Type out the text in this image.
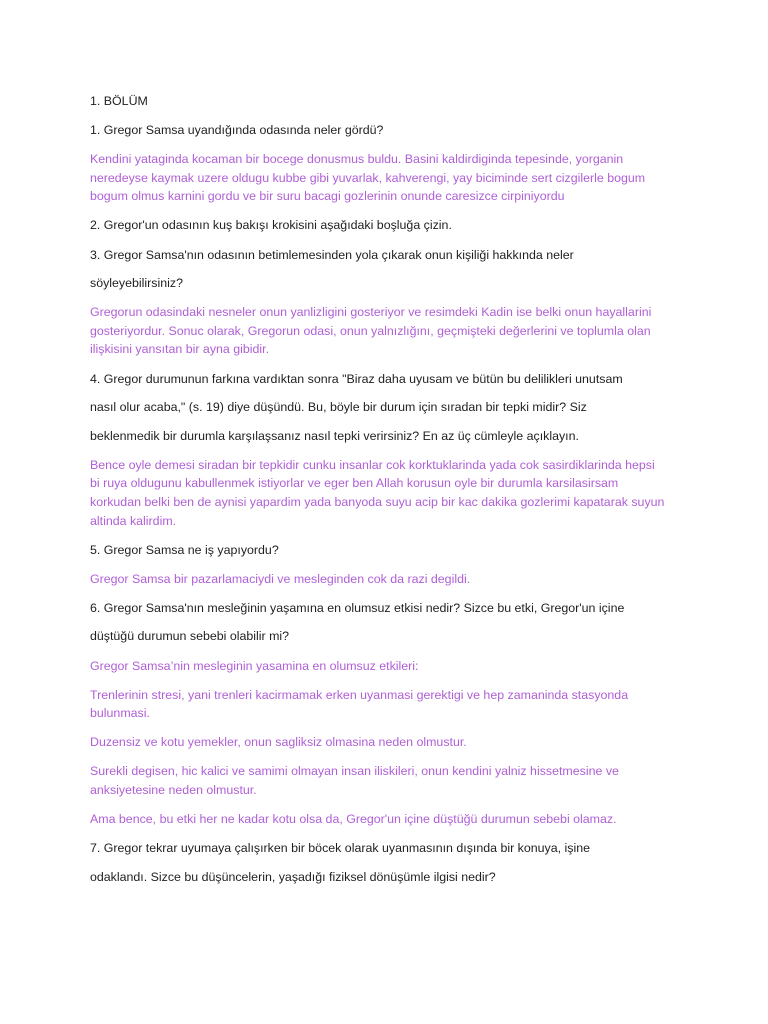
1. BÖLÜM

1. Gregor Samsa uyandığında odasında neler gördü?

Kendini yataginda kocaman bir bocege donusmus buldu. Basini kaldirdiginda tepesinde, yorganin

neredeyse kaymak uzere oldugu kubbe gibi yuvarlak, kahverengi, yay biciminde sert cizgilerle bogum

bogum olmus karnini gordu ve bir suru bacagi gozlerinin onunde caresizce cirpiniyordu

2. Gregor'un odasının kuş bakışı krokisini aşağıdaki boşluğa çizin.

3. Gregor Samsa'nın odasının betimlemesinden yola çıkarak onun kişiliği hakkında neler

söyleyebilirsiniz?

Gregorun odasindaki nesneler onun yanlizligini gosteriyor ve resimdeki Kadin ise belki onun hayallarini

gosteriyordur. Sonuc olarak, Gregorun odasi, onun yalnızlığını, geçmişteki değerlerini ve toplumla olan

ilişkisini yansıtan bir ayna gibidir.

4. Gregor durumunun farkına vardıktan sonra "Biraz daha uyusam ve bütün bu delilikleri unutsam

nasıl olur acaba," (s. 19) diye düşündü. Bu, böyle bir durum için sıradan bir tepki midir? Siz

beklenmedik bir durumla karşılaşsanız nasıl tepki verirsiniz? En az üç cümleyle açıklayın.

Bence oyle demesi siradan bir tepkidir cunku insanlar cok korktuklarinda yada cok sasirdiklarinda hepsi

bi ruya oldugunu kabullenmek istiyorlar ve eger ben Allah korusun oyle bir durumla karsilasirsam

korkudan belki ben de aynisi yapardim yada banyoda suyu acip bir kac dakika gozlerimi kapatarak suyun

altinda kalirdim.

5. Gregor Samsa ne iş yapıyordu?

Gregor Samsa bir pazarlamaciydi ve mesleginden cok da razi degildi.

6. Gregor Samsa'nın mesleğinin yaşamına en olumsuz etkisi nedir? Sizce bu etki, Gregor'un içine

düştüğü durumun sebebi olabilir mi?

Gregor Samsa’nin mesleginin yasamina en olumsuz etkileri:

Trenlerinin stresi, yani trenleri kacirmamak erken uyanmasi gerektigi ve hep zamaninda stasyonda

bulunmasi.

Duzensiz ve kotu yemekler, onun sagliksiz olmasina neden olmustur.

Surekli degisen, hic kalici ve samimi olmayan insan iliskileri, onun kendini yalniz hissetmesine ve

anksiyetesine neden olmustur.

Ama bence, bu etki her ne kadar kotu olsa da, Gregor'un içine düştüğü durumun sebebi olamaz.

7. Gregor tekrar uyumaya çalışırken bir böcek olarak uyanmasının dışında bir konuya, işine

odaklandı. Sizce bu düşüncelerin, yaşadığı fiziksel dönüşümle ilgisi nedir?
